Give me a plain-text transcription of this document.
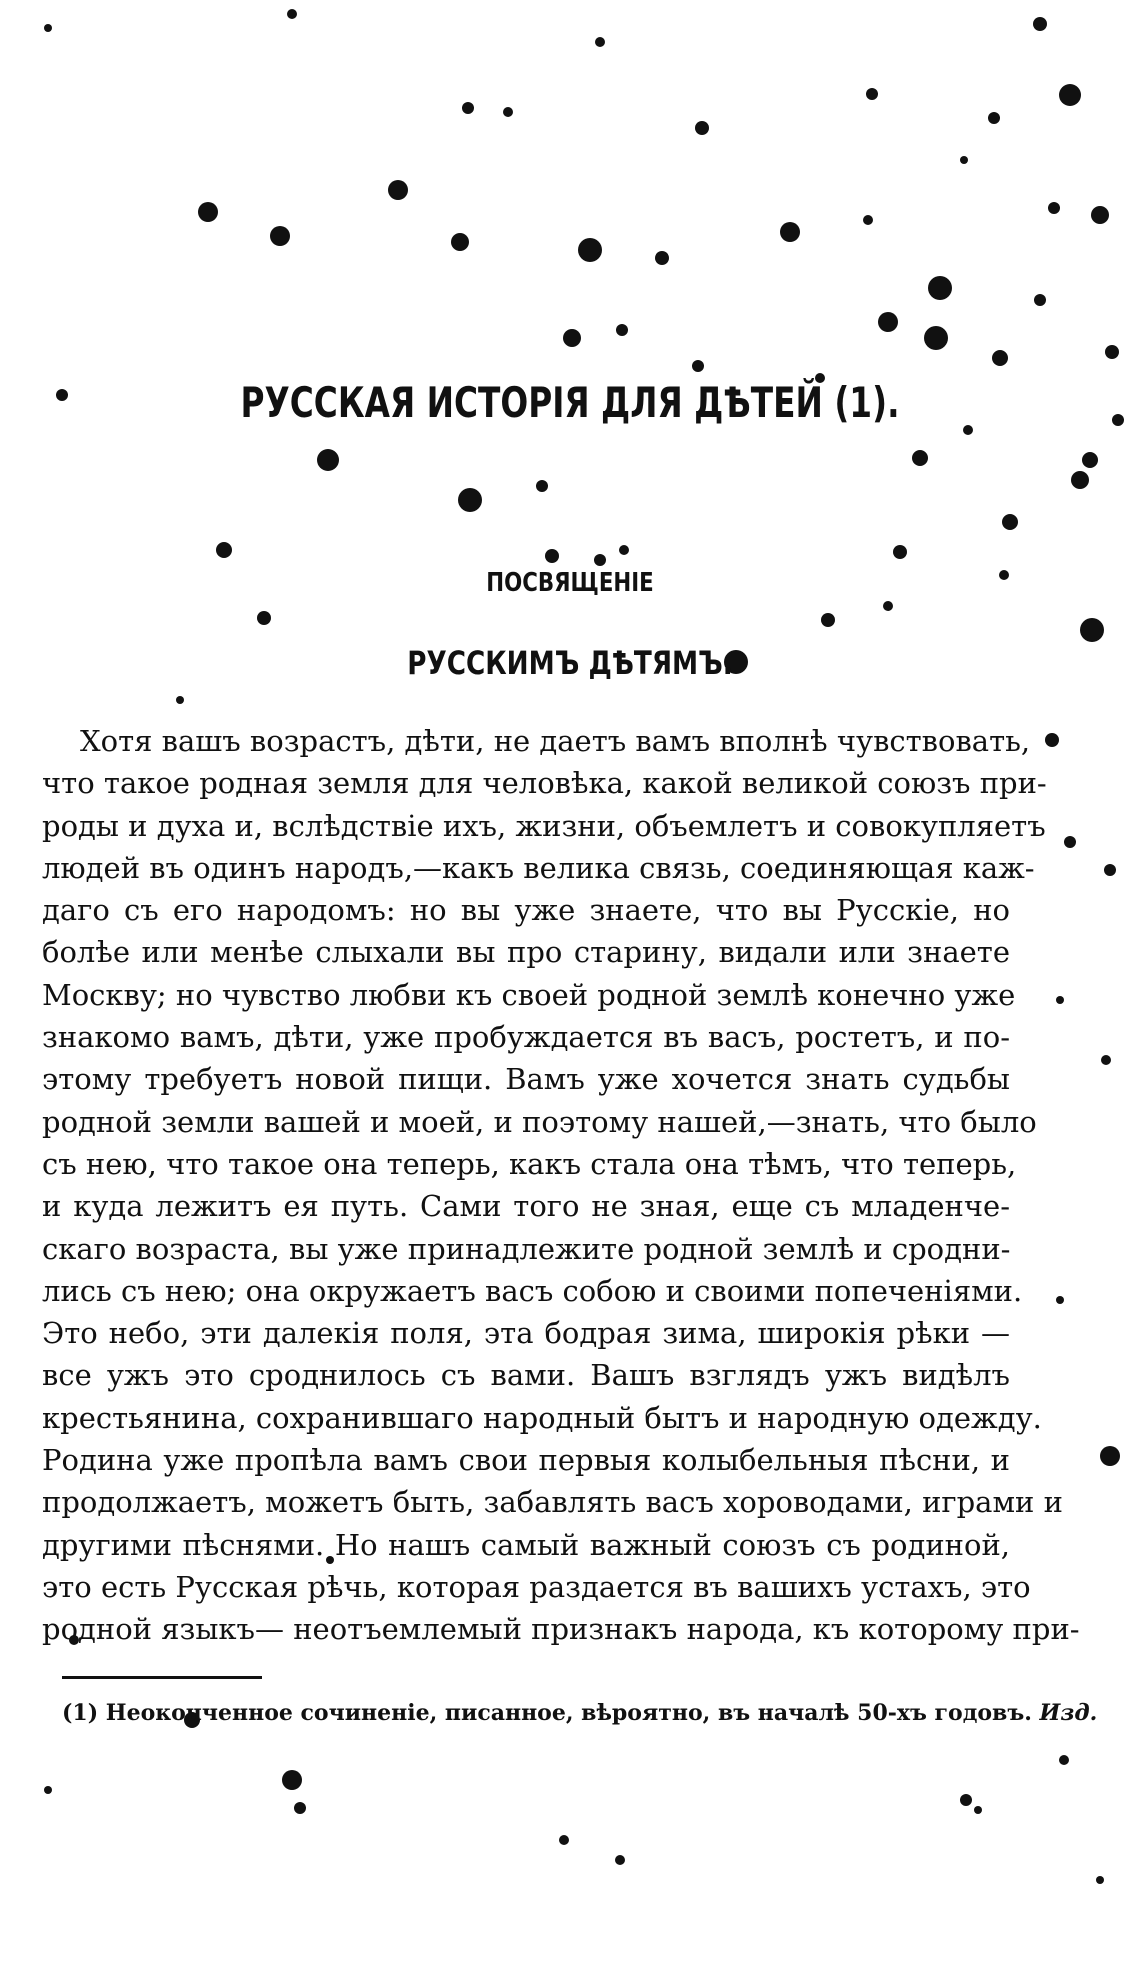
РУССКАЯ ИСТОРІЯ ДЛЯ ДѢТЕЙ (1).
ПОСВЯЩЕНІЕ
РУССКИМЪ ДѢТЯМЪ.
Хотя вашъ возрастъ, дѣти, не даетъ вамъ вполнѣ чувствовать,
что такое родная земля для человѣка, какой великой союзъ при-
роды и духа и, вслѣдствіе ихъ, жизни, объемлетъ и совокупляетъ
людей въ одинъ народъ,—какъ велика связь, соединяющая каж-
даго съ его народомъ: но вы уже знаете, что вы Русскіе, но
болѣе или менѣе слыхали вы про старину, видали или знаете
Москву; но чувство любви къ своей родной землѣ конечно уже
знакомо вамъ, дѣти, уже пробуждается въ васъ, ростетъ, и по-
этому требуетъ новой пищи. Вамъ уже хочется знать судьбы
родной земли вашей и моей, и поэтому нашей,—знать, что было
съ нею, что такое она теперь, какъ стала она тѣмъ, что теперь,
и куда лежитъ ея путь. Сами того не зная, еще съ младенче-
скаго возраста, вы уже принадлежите родной землѣ и сродни-
лись съ нею; она окружаетъ васъ собою и своими попеченіями.
Это небо, эти далекія поля, эта бодрая зима, широкія рѣки —
все ужъ это сроднилось съ вами. Вашъ взглядъ ужъ видѣлъ
крестьянина, сохранившаго народный бытъ и народную одежду.
Родина уже пропѣла вамъ свои первыя колыбельныя пѣсни, и
продолжаетъ, можетъ быть, забавлять васъ хороводами, играми и
другими пѣснями. Но нашъ самый важный союзъ съ родиной,
это есть Русская рѣчь, которая раздается въ вашихъ устахъ, это
родной языкъ— неотъемлемый признакъ народа, къ которому при-
(1) Неоконченное сочиненіе, писанное, вѣроятно, въ началѣ 50-хъ годовъ. Изд.
